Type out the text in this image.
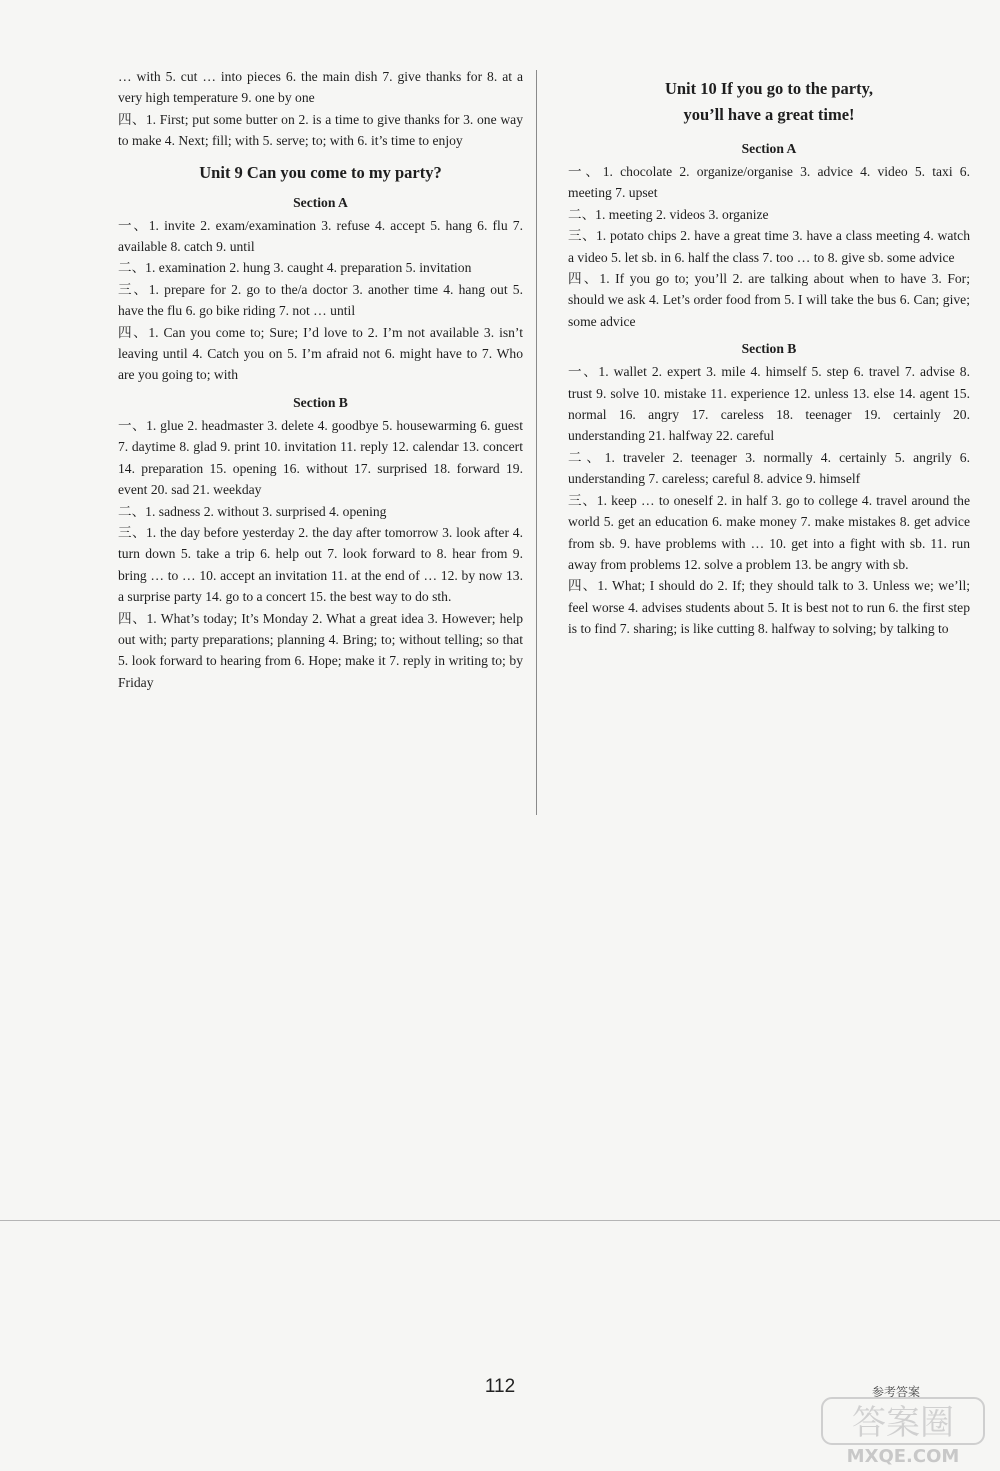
… with 5. cut … into pieces 6. the main dish 7. give thanks for 8. at a very high temperature 9. one by one

四、1. First; put some butter on 2. is a time to give thanks for 3. one way to make 4. Next; fill; with 5. serve; to; with 6. it’s time to enjoy

Unit 9 Can you come to my party?
Section A

一、1. invite 2. exam/examination 3. refuse 4. accept 5. hang 6. flu 7. available 8. catch 9. until

二、1. examination 2. hung 3. caught 4. preparation 5. invitation

三、1. prepare for 2. go to the/a doctor 3. another time 4. hang out 5. have the flu 6. go bike riding 7. not … until

四、1. Can you come to; Sure; I’d love to 2. I’m not available 3. isn’t leaving until 4. Catch you on 5. I’m afraid not 6. might have to 7. Who are you going to; with

Section B

一、1. glue 2. headmaster 3. delete 4. goodbye 5. housewarming 6. guest 7. daytime 8. glad 9. print 10. invitation 11. reply 12. calendar 13. concert 14. preparation 15. opening 16. without 17. surprised 18. forward 19. event 20. sad 21. weekday

二、1. sadness 2. without 3. surprised 4. opening

三、1. the day before yesterday 2. the day after tomorrow 3. look after 4. turn down 5. take a trip 6. help out 7. look forward to 8. hear from 9. bring … to … 10. accept an invitation 11. at the end of … 12. by now 13. a surprise party 14. go to a concert 15. the best way to do sth.

四、1. What’s today; It’s Monday 2. What a great idea 3. However; help out with; party preparations; planning 4. Bring; to; without telling; so that 5. look forward to hearing from 6. Hope; make it 7. reply in writing to; by Friday

Unit 10 If you go to the party,
you’ll have a great time!
Section A

一、1. chocolate 2. organize/organise 3. advice 4. video 5. taxi 6. meeting 7. upset

二、1. meeting 2. videos 3. organize

三、1. potato chips 2. have a great time 3. have a class meeting 4. watch a video 5. let sb. in 6. half the class 7. too … to 8. give sb. some advice

四、1. If you go to; you’ll 2. are talking about when to have 3. For; should we ask 4. Let’s order food from 5. I will take the bus 6. Can; give; some advice

Section B

一、1. wallet 2. expert 3. mile 4. himself 5. step 6. travel 7. advise 8. trust 9. solve 10. mistake 11. experience 12. unless 13. else 14. agent 15. normal 16. angry 17. careless 18. teenager 19. certainly 20. understanding 21. halfway 22. careful

二、1. traveler 2. teenager 3. normally 4. certainly 5. angrily 6. understanding 7. careless; careful 8. advice 9. himself

三、1. keep … to oneself 2. in half 3. go to college 4. travel around the world 5. get an education 6. make money 7. make mistakes 8. get advice from sb. 9. have problems with … 10. get into a fight with sb. 11. run away from problems 12. solve a problem 13. be angry with sb.

四、1. What; I should do 2. If; they should talk to 3. Unless we; we’ll; feel worse 4. advises students about 5. It is best not to run 6. the first step is to find 7. sharing; is like cutting 8. halfway to solving; by talking to

112	参考答案
答案圈
MXQE.COM
